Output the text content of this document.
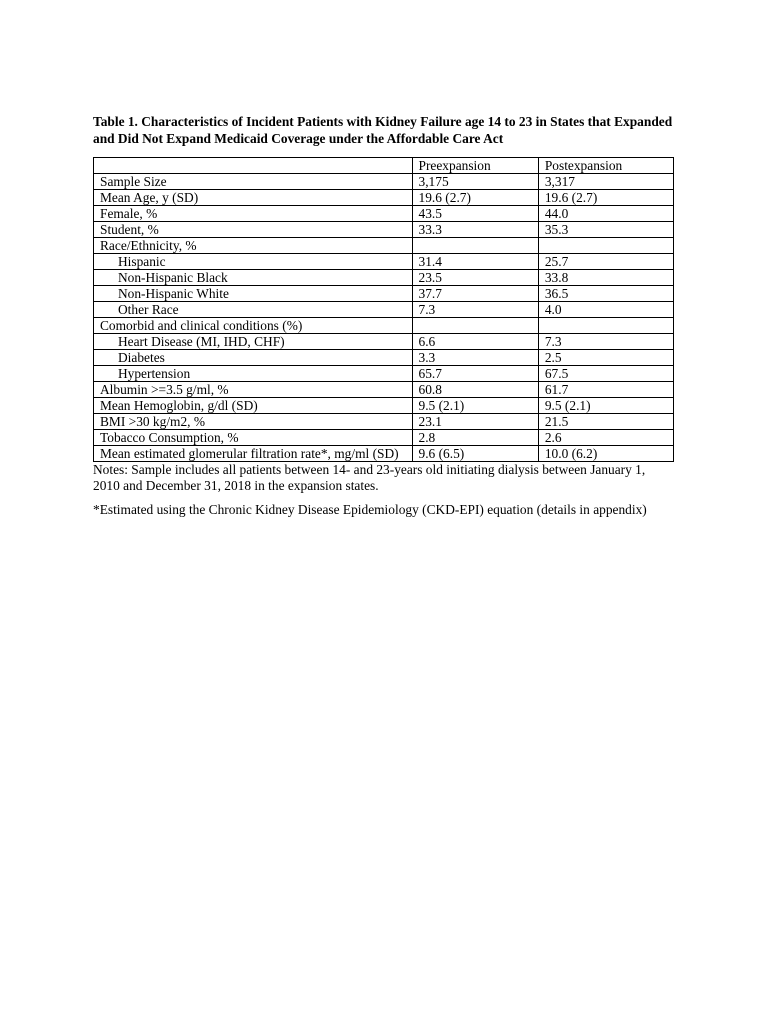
Table 1. Characteristics of Incident Patients with Kidney Failure age 14 to 23 in States that Expanded and Did Not Expand Medicaid Coverage under the Affordable Care Act

	Preexpansion	Postexpansion
Sample Size	3,175	3,317
Mean Age, y (SD)	19.6 (2.7)	19.6 (2.7)
Female, %	43.5	44.0
Student, %	33.3	35.3
Race/Ethnicity, %		
Hispanic	31.4	25.7
Non-Hispanic Black	23.5	33.8
Non-Hispanic White	37.7	36.5
Other Race	7.3	4.0
Comorbid and clinical conditions (%)		
Heart Disease (MI, IHD, CHF)	6.6	7.3
Diabetes	3.3	2.5
Hypertension	65.7	67.5
Albumin >=3.5 g/ml, %	60.8	61.7
Mean Hemoglobin, g/dl (SD)	9.5 (2.1)	9.5 (2.1)
BMI >30 kg/m2, %	23.1	21.5
Tobacco Consumption, %	2.8	2.6
Mean estimated glomerular filtration rate*, mg/ml (SD)	9.6 (6.5)	10.0 (6.2)

Notes: Sample includes all patients between 14- and 23-years old initiating dialysis between January 1, 2010 and December 31, 2018 in the expansion states.

*Estimated using the Chronic Kidney Disease Epidemiology (CKD-EPI) equation (details in appendix)
